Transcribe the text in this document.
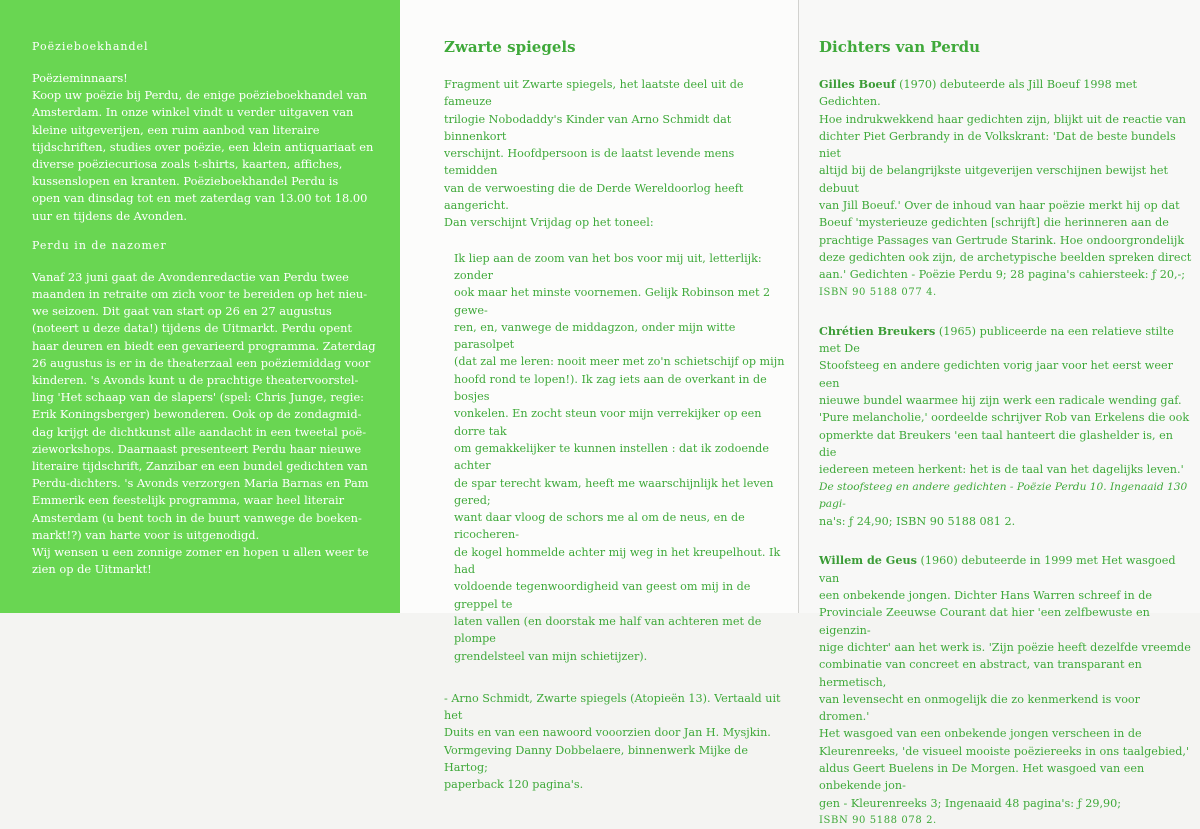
Poëzieboekhandel

Poëzieminnaars!

Koop uw poëzie bij Perdu, de enige poëzieboekhandel van

Amsterdam. In onze winkel vindt u verder uitgaven van

kleine uitgeverijen, een ruim aanbod van literaire

tijdschriften, studies over poëzie, een klein antiquariaat en

diverse poëziecuriosa zoals t-shirts, kaarten, affiches,

kussenslopen en kranten. Poëzieboekhandel Perdu is

open van dinsdag tot en met zaterdag van 13.00 tot 18.00

uur en tijdens de Avonden.

Perdu in de nazomer

Vanaf 23 juni gaat de Avondenredactie van Perdu twee

maanden in retraite om zich voor te bereiden op het nieu-

we seizoen. Dit gaat van start op 26 en 27 augustus

(noteert u deze data!) tijdens de Uitmarkt. Perdu opent

haar deuren en biedt een gevarieerd programma. Zaterdag

26 augustus is er in de theaterzaal een poëziemiddag voor

kinderen. 's Avonds kunt u de prachtige theatervoorstel-

ling 'Het schaap van de slapers' (spel: Chris Junge, regie:

Erik Koningsberger) bewonderen. Ook op de zondagmid-

dag krijgt de dichtkunst alle aandacht in een tweetal poë-

zieworkshops. Daarnaast presenteert Perdu haar nieuwe

literaire tijdschrift, Zanzibar en een bundel gedichten van

Perdu-dichters. 's Avonds verzorgen Maria Barnas en Pam

Emmerik een feestelijk programma, waar heel literair

Amsterdam (u bent toch in de buurt vanwege de boeken-

markt!?) van harte voor is uitgenodigd.

Wij wensen u een zonnige zomer en hopen u allen weer te

zien op de Uitmarkt!

Zwarte spiegels

Fragment uit Zwarte spiegels, het laatste deel uit de fameuze

trilogie Nobodaddy's Kinder van Arno Schmidt dat binnenkort

verschijnt. Hoofdpersoon is de laatst levende mens temidden

van de verwoesting die de Derde Wereldoorlog heeft aangericht.

Dan verschijnt Vrijdag op het toneel:

Ik liep aan de zoom van het bos voor mij uit, letterlijk: zonder

ook maar het minste voornemen. Gelijk Robinson met 2 gewe-

ren, en, vanwege de middagzon, onder mijn witte parasolpet

(dat zal me leren: nooit meer met zo'n schietschijf op mijn

hoofd rond te lopen!). Ik zag iets aan de overkant in de bosjes

vonkelen. En zocht steun voor mijn verrekijker op een dorre tak

om gemakkelijker te kunnen instellen : dat ik zodoende achter

de spar terecht kwam, heeft me waarschijnlijk het leven gered;

want daar vloog de schors me al om de neus, en de ricocheren-

de kogel hommelde achter mij weg in het kreupelhout. Ik had

voldoende tegenwoordigheid van geest om mij in de greppel te

laten vallen (en doorstak me half van achteren met de plompe

grendelsteel van mijn schietijzer).

- Arno Schmidt, Zwarte spiegels (Atopieën 13). Vertaald uit het

Duits en van een nawoord vooorzien door Jan H. Mysjkin.

Vormgeving Danny Dobbelaere, binnenwerk Mijke de Hartog;

paperback 120 pagina's.

Dichters van Perdu

Gilles Boeuf (1970) debuteerde als Jill Boeuf 1998 met Gedichten.

Hoe indrukwekkend haar gedichten zijn, blijkt uit de reactie van

dichter Piet Gerbrandy in de Volkskrant: 'Dat de beste bundels niet

altijd bij de belangrijkste uitgeverijen verschijnen bewijst het debuut

van Jill Boeuf.' Over de inhoud van haar poëzie merkt hij op dat

Boeuf 'mysterieuze gedichten [schrijft] die herinneren aan de

prachtige Passages van Gertrude Starink. Hoe ondoorgrondelijk

deze gedichten ook zijn, de archetypische beelden spreken direct

aan.' Gedichten - Poëzie Perdu 9; 28 pagina's cahiersteek: ƒ 20,-;

ISBN 90 5188 077 4.

Chrétien Breukers (1965) publiceerde na een relatieve stilte met De

Stoofsteeg en andere gedichten vorig jaar voor het eerst weer een

nieuwe bundel waarmee hij zijn werk een radicale wending gaf.

'Pure melancholie,' oordeelde schrijver Rob van Erkelens die ook

opmerkte dat Breukers 'een taal hanteert die glashelder is, en die

iedereen meteen herkent: het is de taal van het dagelijks leven.'

De stoofsteeg en andere gedichten - Poëzie Perdu 10. Ingenaaid 130 pagi-

na's: ƒ 24,90; ISBN 90 5188 081 2.

Willem de Geus (1960) debuteerde in 1999 met Het wasgoed van

een onbekende jongen. Dichter Hans Warren schreef in de

Provinciale Zeeuwse Courant dat hier 'een zelfbewuste en eigenzin-

nige dichter' aan het werk is. 'Zijn poëzie heeft dezelfde vreemde

combinatie van concreet en abstract, van transparant en hermetisch,

van levensecht en onmogelijk die zo kenmerkend is voor dromen.'

Het wasgoed van een onbekende jongen verscheen in de

Kleurenreeks, 'de visueel mooiste poëziereeks in ons taalgebied,'

aldus Geert Buelens in De Morgen. Het wasgoed van een onbekende jon-

gen - Kleurenreeks 3; Ingenaaid 48 pagina's: ƒ 29,90;

ISBN 90 5188 078 2.
